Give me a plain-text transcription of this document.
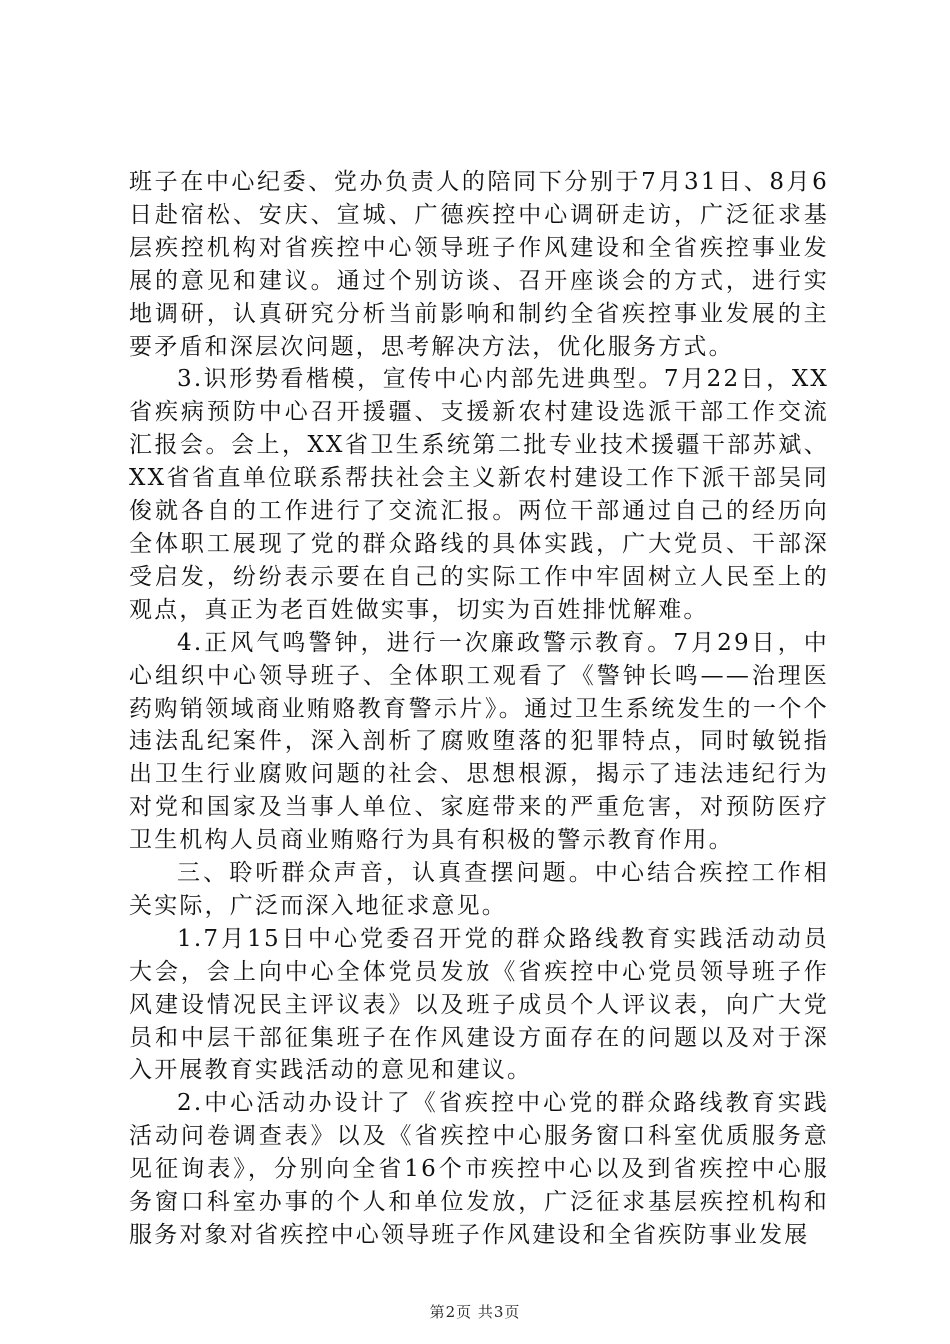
班子在中心纪委、党办负责人的陪同下分别于7月31日、8月6日赴宿松、安庆、宣城、广德疾控中心调研走访，广泛征求基层疾控机构对省疾控中心领导班子作风建设和全省疾控事业发展的意见和建议。通过个别访谈、召开座谈会的方式，进行实地调研，认真研究分析当前影响和制约全省疾控事业发展的主要矛盾和深层次问题，思考解决方法，优化服务方式。

3.识形势看楷模，宣传中心内部先进典型。7月22日，XX省疾病预防中心召开援疆、支援新农村建设选派干部工作交流汇报会。会上，XX省卫生系统第二批专业技术援疆干部苏斌、XX省省直单位联系帮扶社会主义新农村建设工作下派干部吴同俊就各自的工作进行了交流汇报。两位干部通过自己的经历向全体职工展现了党的群众路线的具体实践，广大党员、干部深受启发，纷纷表示要在自己的实际工作中牢固树立人民至上的观点，真正为老百姓做实事，切实为百姓排忧解难。

4.正风气鸣警钟，进行一次廉政警示教育。7月29日，中心组织中心领导班子、全体职工观看了《警钟长鸣——治理医药购销领域商业贿赂教育警示片》。通过卫生系统发生的一个个违法乱纪案件，深入剖析了腐败堕落的犯罪特点，同时敏锐指出卫生行业腐败问题的社会、思想根源，揭示了违法违纪行为对党和国家及当事人单位、家庭带来的严重危害，对预防医疗卫生机构人员商业贿赂行为具有积极的警示教育作用。

三、聆听群众声音，认真查摆问题。中心结合疾控工作相关实际，广泛而深入地征求意见。

1.7月15日中心党委召开党的群众路线教育实践活动动员大会，会上向中心全体党员发放《省疾控中心党员领导班子作风建设情况民主评议表》以及班子成员个人评议表，向广大党员和中层干部征集班子在作风建设方面存在的问题以及对于深入开展教育实践活动的意见和建议。

2.中心活动办设计了《省疾控中心党的群众路线教育实践活动问卷调查表》以及《省疾控中心服务窗口科室优质服务意见征询表》，分别向全省16个市疾控中心以及到省疾控中心服务窗口科室办事的个人和单位发放，广泛征求基层疾控机构和服务对象对省疾控中心领导班子作风建设和全省疾防事业发展

第2页 共3页
